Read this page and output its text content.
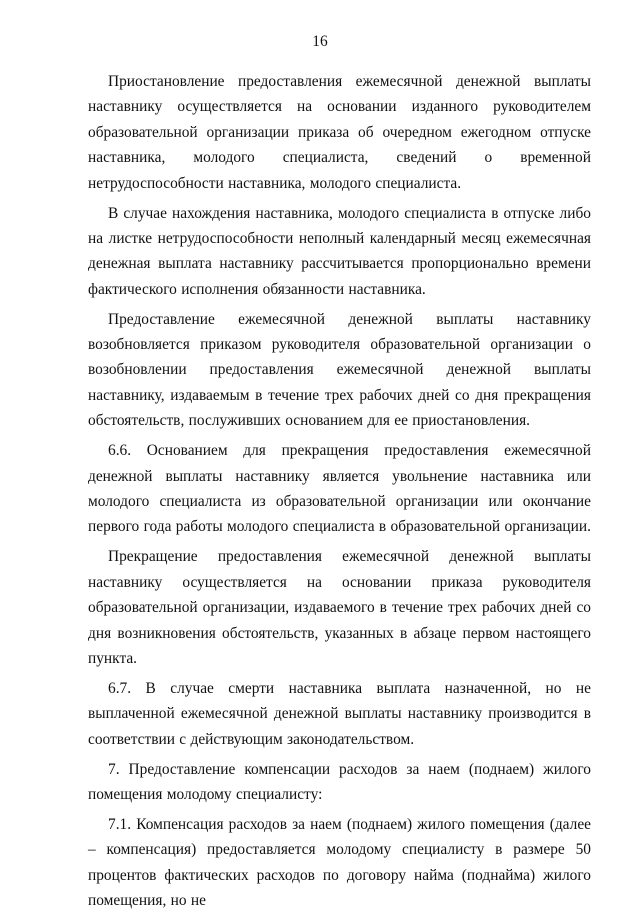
16

Приостановление предоставления ежемесячной денежной выплаты наставнику осуществляется на основании изданного руководителем образовательной организации приказа об очередном ежегодном отпуске наставника, молодого специалиста, сведений о временной нетрудоспособности наставника, молодого специалиста.

В случае нахождения наставника, молодого специалиста в отпуске либо на листке нетрудоспособности неполный календарный месяц ежемесячная денежная выплата наставнику рассчитывается пропорционально времени фактического исполнения обязанности наставника.

Предоставление ежемесячной денежной выплаты наставнику возобновляется приказом руководителя образовательной организации о возобновлении предоставления ежемесячной денежной выплаты наставнику, издаваемым в течение трех рабочих дней со дня прекращения обстоятельств, послуживших основанием для ее приостановления.

6.6. Основанием для прекращения предоставления ежемесячной денежной выплаты наставнику является увольнение наставника или молодого специалиста из образовательной организации или окончание первого года работы молодого специалиста в образовательной организации.

Прекращение предоставления ежемесячной денежной выплаты наставнику осуществляется на основании приказа руководителя образовательной организации, издаваемого в течение трех рабочих дней со дня возникновения обстоятельств, указанных в абзаце первом настоящего пункта.

6.7. В случае смерти наставника выплата назначенной, но не выплаченной ежемесячной денежной выплаты наставнику производится в соответствии с действующим законодательством.

7. Предоставление компенсации расходов за наем (поднаем) жилого помещения молодому специалисту:

7.1. Компенсация расходов за наем (поднаем) жилого помещения (далее – компенсация) предоставляется молодому специалисту в размере 50 процентов фактических расходов по договору найма (поднайма) жилого помещения, но не
